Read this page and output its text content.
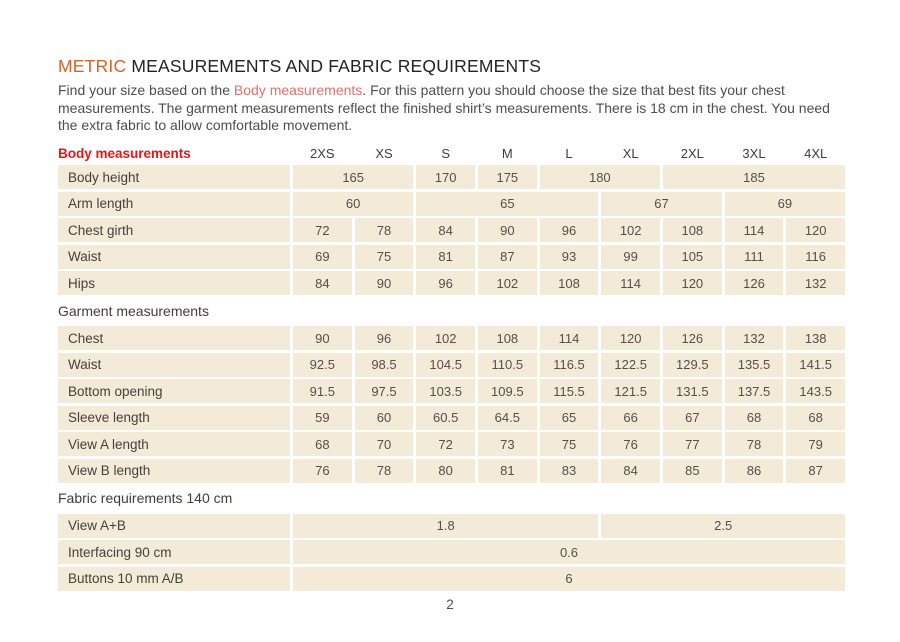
METRIC MEASUREMENTS AND FABRIC REQUIREMENTS
Find your size based on the Body measurements. For this pattern you should choose the size that best fits your chest measurements. The garment measurements reflect the finished shirt’s measurements. There is 18 cm in the chest. You need the extra fabric to allow comfortable movement.
Body measurements	2XS	XS	S	M	L	XL	2XL	3XL	4XL
Body height	165	170	175	180	185
Arm length	60	65	67	69
Chest girth	72	78	84	90	96	102	108	114	120
Waist	69	75	81	87	93	99	105	111	116
Hips	84	90	96	102	108	114	120	126	132
Garment measurements
Chest	90	96	102	108	114	120	126	132	138
Waist	92.5	98.5	104.5	110.5	116.5	122.5	129.5	135.5	141.5
Bottom opening	91.5	97.5	103.5	109.5	115.5	121.5	131.5	137.5	143.5
Sleeve length	59	60	60.5	64.5	65	66	67	68	68
View A length	68	70	72	73	75	76	77	78	79
View B length	76	78	80	81	83	84	85	86	87
Fabric requirements 140 cm
View A+B	1.8	2.5
Interfacing 90 cm	0.6
Buttons 10 mm A/B	6
2
